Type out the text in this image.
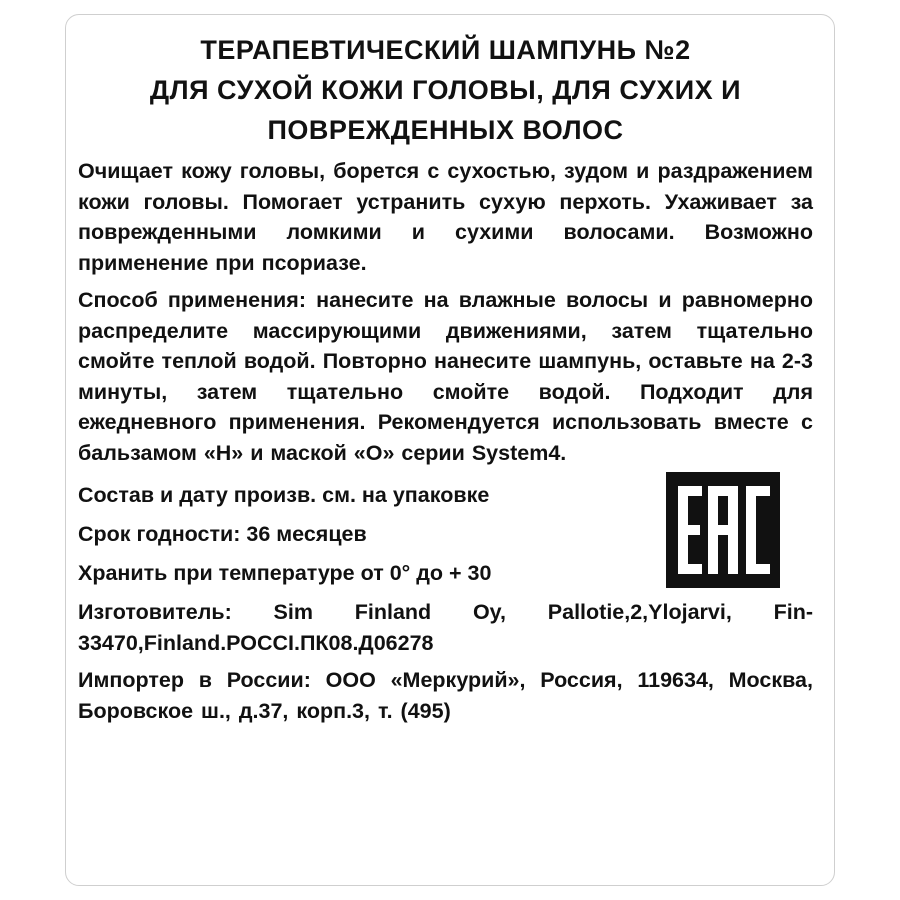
ТЕРАПЕВТИЧЕСКИЙ ШАМПУНЬ №2
ДЛЯ СУХОЙ КОЖИ ГОЛОВЫ, ДЛЯ СУХИХ И
ПОВРЕЖДЕННЫХ ВОЛОС

Очищает кожу головы, борется с сухостью, зудом и раздражением кожи головы. Помогает устранить сухую перхоть. Ухаживает за поврежденными ломкими и сухими волосами. Возможно применение при псориазе.

Способ применения: нанесите на влажные волосы и равномерно распределите массирующими движениями, затем тщательно смойте теплой водой. Повторно нанесите шампунь, оставьте на 2-3 минуты, затем тщательно смойте водой. Подходит для ежедневного применения. Рекомендуется использовать вместе с бальзамом «Н» и маской «О» серии System4.

Состав и дату произв. см. на упаковке

Срок годности: 36 месяцев

Хранить при температуре от 0° до + 30

Изготовитель: Sim Finland Oy, Pallotie,2,Ylojarvi, Fin-33470,Finland.РОССI.ПК08.Д06278

Импортер в России: ООО «Меркурий», Россия, 119634, Москва, Боровское ш., д.37, корп.3, т. (495)
